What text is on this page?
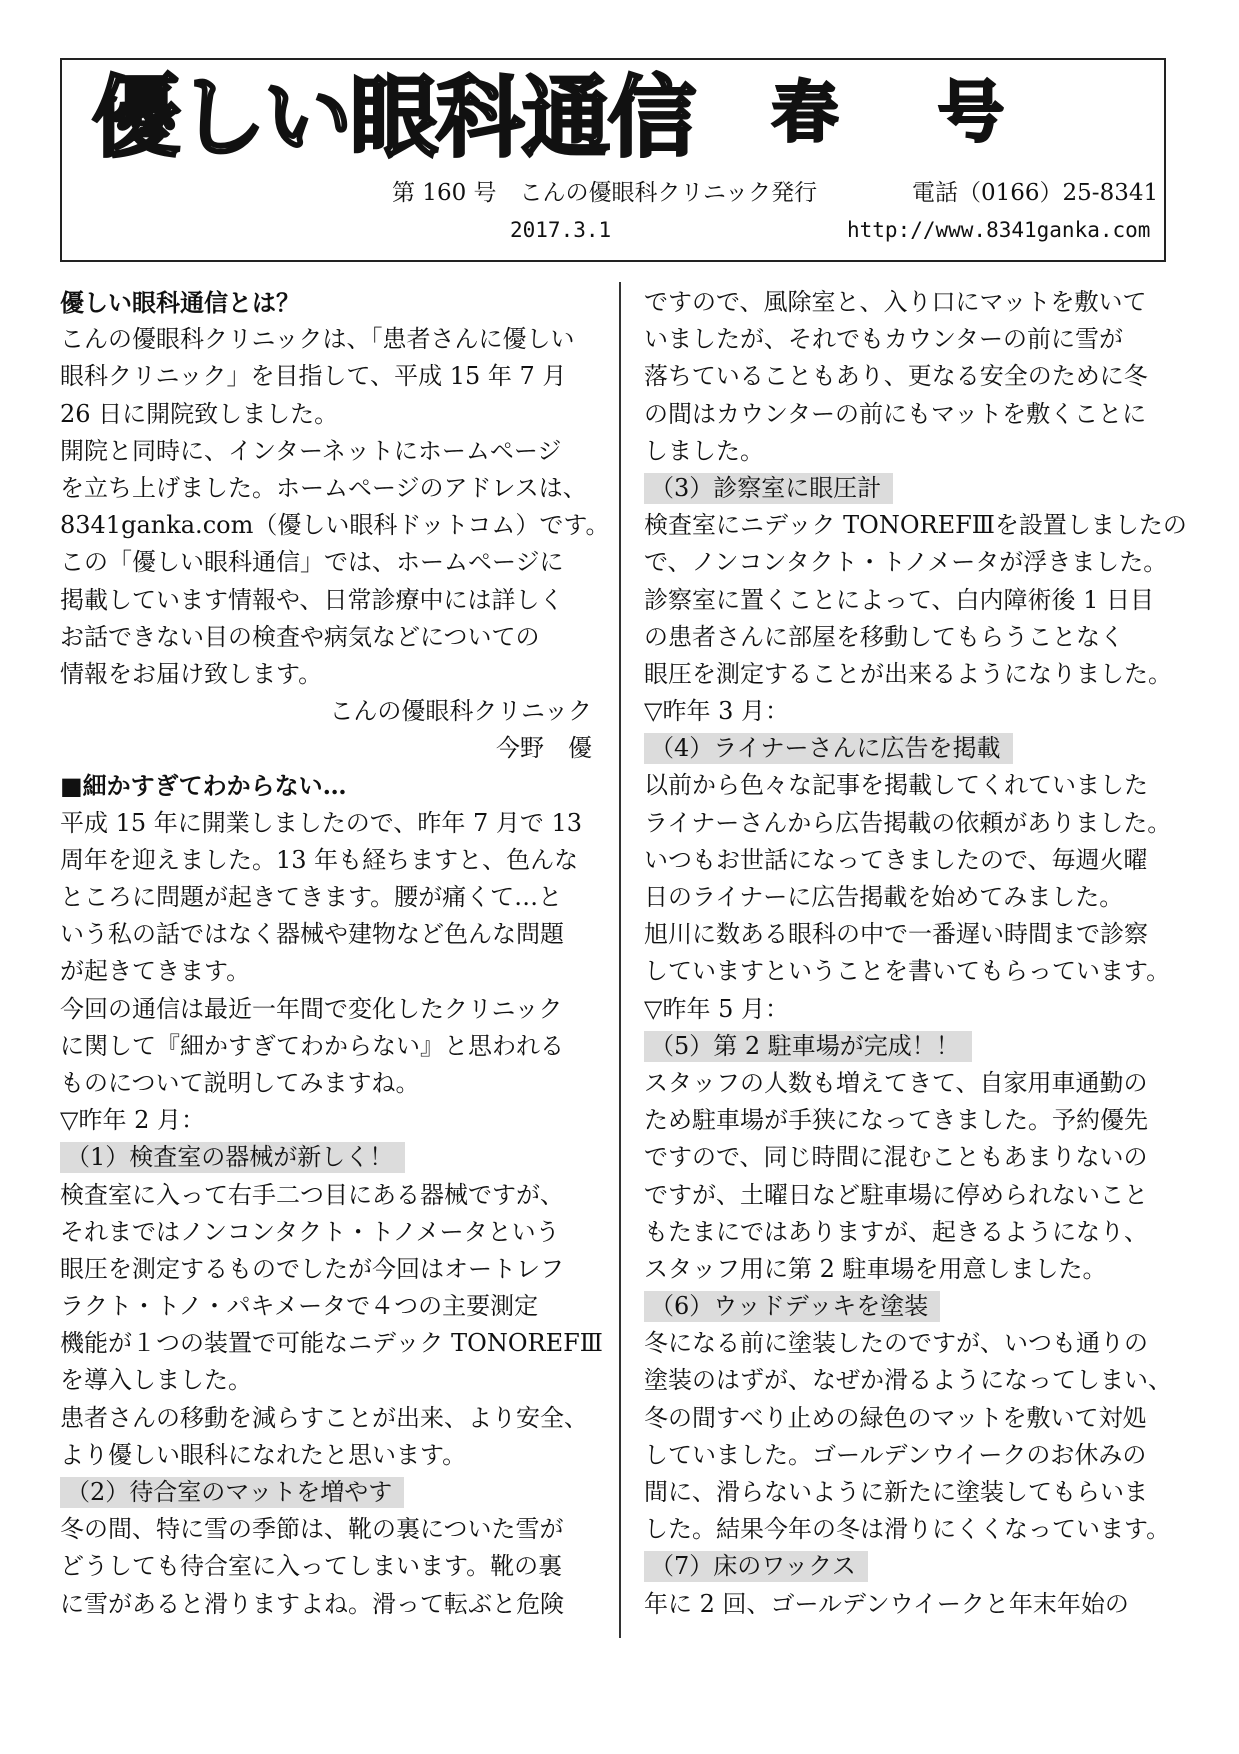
優しい眼科通信 春号
第 160 号　こんの優眼科クリニック発行	電話（0166）25-8341
2017.3.1	http://www.8341ganka.com
優しい眼科通信とは？
こんの優眼科クリニックは、「患者さんに優しい
眼科クリニック」を目指して、平成 15 年 7 月
26 日に開院致しました。
開院と同時に、インターネットにホームページ
を立ち上げました。ホームページのアドレスは、
8341ganka.com（優しい眼科ドットコム）です。
この「優しい眼科通信」では、ホームページに
掲載しています情報や、日常診療中には詳しく
お話できない目の検査や病気などについての
情報をお届け致します。
こんの優眼科クリニック
今野　優
■細かすぎてわからない…
平成 15 年に開業しましたので、昨年 7 月で 13
周年を迎えました。13 年も経ちますと、色んな
ところに問題が起きてきます。腰が痛くて…と
いう私の話ではなく器械や建物など色んな問題
が起きてきます。
今回の通信は最近一年間で変化したクリニック
に関して『細かすぎてわからない』と思われる
ものについて説明してみますね。
▽昨年 2 月：
（1）検査室の器械が新しく！
検査室に入って右手二つ目にある器械ですが、
それまではノンコンタクト・トノメータという
眼圧を測定するものでしたが今回はオートレフ
ラクト・トノ・パキメータで４つの主要測定
機能が１つの装置で可能なニデック TONOREFⅢ
を導入しました。
患者さんの移動を減らすことが出来、より安全、
より優しい眼科になれたと思います。
（2）待合室のマットを増やす
冬の間、特に雪の季節は、靴の裏についた雪が
どうしても待合室に入ってしまいます。靴の裏
に雪があると滑りますよね。滑って転ぶと危険
ですので、風除室と、入り口にマットを敷いて
いましたが、それでもカウンターの前に雪が
落ちていることもあり、更なる安全のために冬
の間はカウンターの前にもマットを敷くことに
しました。
（3）診察室に眼圧計
検査室にニデック TONOREFⅢを設置しましたの
で、ノンコンタクト・トノメータが浮きました。
診察室に置くことによって、白内障術後 1 日目
の患者さんに部屋を移動してもらうことなく
眼圧を測定することが出来るようになりました。
▽昨年 3 月：
（4）ライナーさんに広告を掲載
以前から色々な記事を掲載してくれていました
ライナーさんから広告掲載の依頼がありました。
いつもお世話になってきましたので、毎週火曜
日のライナーに広告掲載を始めてみました。
旭川に数ある眼科の中で一番遅い時間まで診察
していますということを書いてもらっています。
▽昨年 5 月：
（5）第 2 駐車場が完成！！
スタッフの人数も増えてきて、自家用車通勤の
ため駐車場が手狭になってきました。予約優先
ですので、同じ時間に混むこともあまりないの
ですが、土曜日など駐車場に停められないこと
もたまにではありますが、起きるようになり、
スタッフ用に第 2 駐車場を用意しました。
（6）ウッドデッキを塗装
冬になる前に塗装したのですが、いつも通りの
塗装のはずが、なぜか滑るようになってしまい、
冬の間すべり止めの緑色のマットを敷いて対処
していました。ゴールデンウイークのお休みの
間に、滑らないように新たに塗装してもらいま
した。結果今年の冬は滑りにくくなっています。
（7）床のワックス
年に 2 回、ゴールデンウイークと年末年始の
